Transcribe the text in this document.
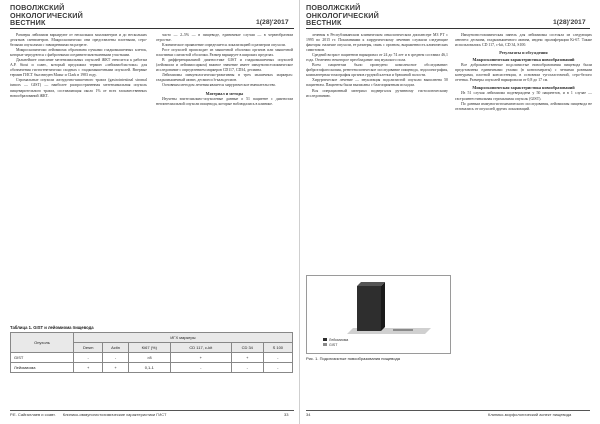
ПОВОЛЖСКИЙ
ОНКОЛОГИЧЕСКИЙ
ВЕСТНИК	1(28)'2017

Размеры лейомиом варьируют от нескольких миллиметров и до нескольких десятков сантиметров. Макроскопически они представлены плотными, серо-белыми опухолями с завихрениями на разрезе.

Микроскопически лейомиома образована пучками гладкомышечных клеток, которые чередуются с фиброзными соединительнотканными участками.

Дальнейшее описание мезенхимальных опухолей ЖКТ относится к работам A.P. Stout и соавт., который предложил термин «лейомиобластома» для обозначения гистогенетически сходных с гладкомышечными опухолей. Впервые термин ГИСТ был введен Mazur и Clark в 1983 году.

Стромальные опухоли желудочно-кишечного тракта (gastrointestinal stromal tumors — GIST) — наиболее распространенная мезенхимальная опухоль пищеварительного тракта, составляющая около 1% от всех злокачественных новообразований ЖКТ.

часто — 2–5% — в пищеводе, единичные случаи — в червеобразном отростке.

Клиническое проявление определяется локализацией и размером опухоли.

Рост опухолей происходит из мышечной оболочки органов или мышечной пластинки слизистой оболочки. Размер варьирует в широких пределах.

В дифференциальной диагностике GIST и гладкомышечных опухолей (лейомиом и лейомиосарком) важное значение имеет иммуногистохимическое исследование с определением маркеров CD117, CD34, десмина.

Лейомиомы иммунологически-реактивны в трех мышечных маркерах: гладкомышечный актин, десмин и h-кальдесмон.

Основным методом лечения является хирургическое вмешательство.

Материал и методы

Изучены эпителиально-опухолевые данные о 51 пациенте с диагнозом неэпителиальной опухоли пищевода, которые наблюдались в клинике.

Таблица 1. GIST и лейомиома пищевода
Опухоль	ИГХ маркеры					
	Desm	Actin	Ki67 (%)	CD 117, c-kit	CD 34	S 100
GIST	-	-	>8	+	+	-
Лейомиома	+	+	0,1-1	-	-	-
Р.Е. Сайгаллаев и соавт. Клинико-иммуногистохимические характеристики ГИСТ	33
ПОВОЛЖСКИЙ
ОНКОЛОГИЧЕСКИЙ
ВЕСТНИК	1(28)'2017

лечения в Республиканском клиническом онкологическом диспансере МЗ РТ с 1995 по 2015 гг. Показаниями к хирургическому лечению служили следующие факторы: наличие опухоли, ее размеры, связь с органом, выраженность клинических симптомов.

Средний возраст пациентов варьировал от 24 до 74 лет и в среднем составил 46,1 года. Отмечено некоторое преобладание лиц мужского пола.

Всем пациентам было проведено комплексное обследование: фиброэзофагоскопия, рентгенологическое исследование пищевода, эндосонография, компьютерная томография органов грудной клетки и брюшной полости.

Хирургическое лечение — энуклеация подслизистой опухоли выполнена 50 пациентам. Пациенты были выписаны с благоприятным исходом.

Вся операционный материал подвергался рутинному гистологическому исследованию.

Иммуногистохимическая панель для лейомиомы состояла из следующих антител: десмина, гладкомышечного актина, индекс пролиферации Ki-67. Также использовались CD 117, c-kit, CD 34, S100.

Результаты и обсуждения
Макроскопическая характеристика новообразований

Все доброкачественные подслизистые новообразования пищевода были представлены единичными узлами (в конгломераты) с четкими ровными контурами, плотной консистенции, в основном тугоэластичной, серо-белого оттенка. Размеры опухолей варьировали от 0,8 до 17 см.

Микроскопическая характеристика новообразований

Из 51 случая лейомиома подтверждена у 50 пациентов, и в 1 случае — гастроинтестинальная стромальная опухоль (GIST).

По данным иммуногистохимического исследования, лейомиомы пищевода не отличались от опухолей других локализаций.

Лейомиома
GIST
Рис. 1. Подслизистые новообразования пищевода
34	Клинико-морфологический аспект пищевода
